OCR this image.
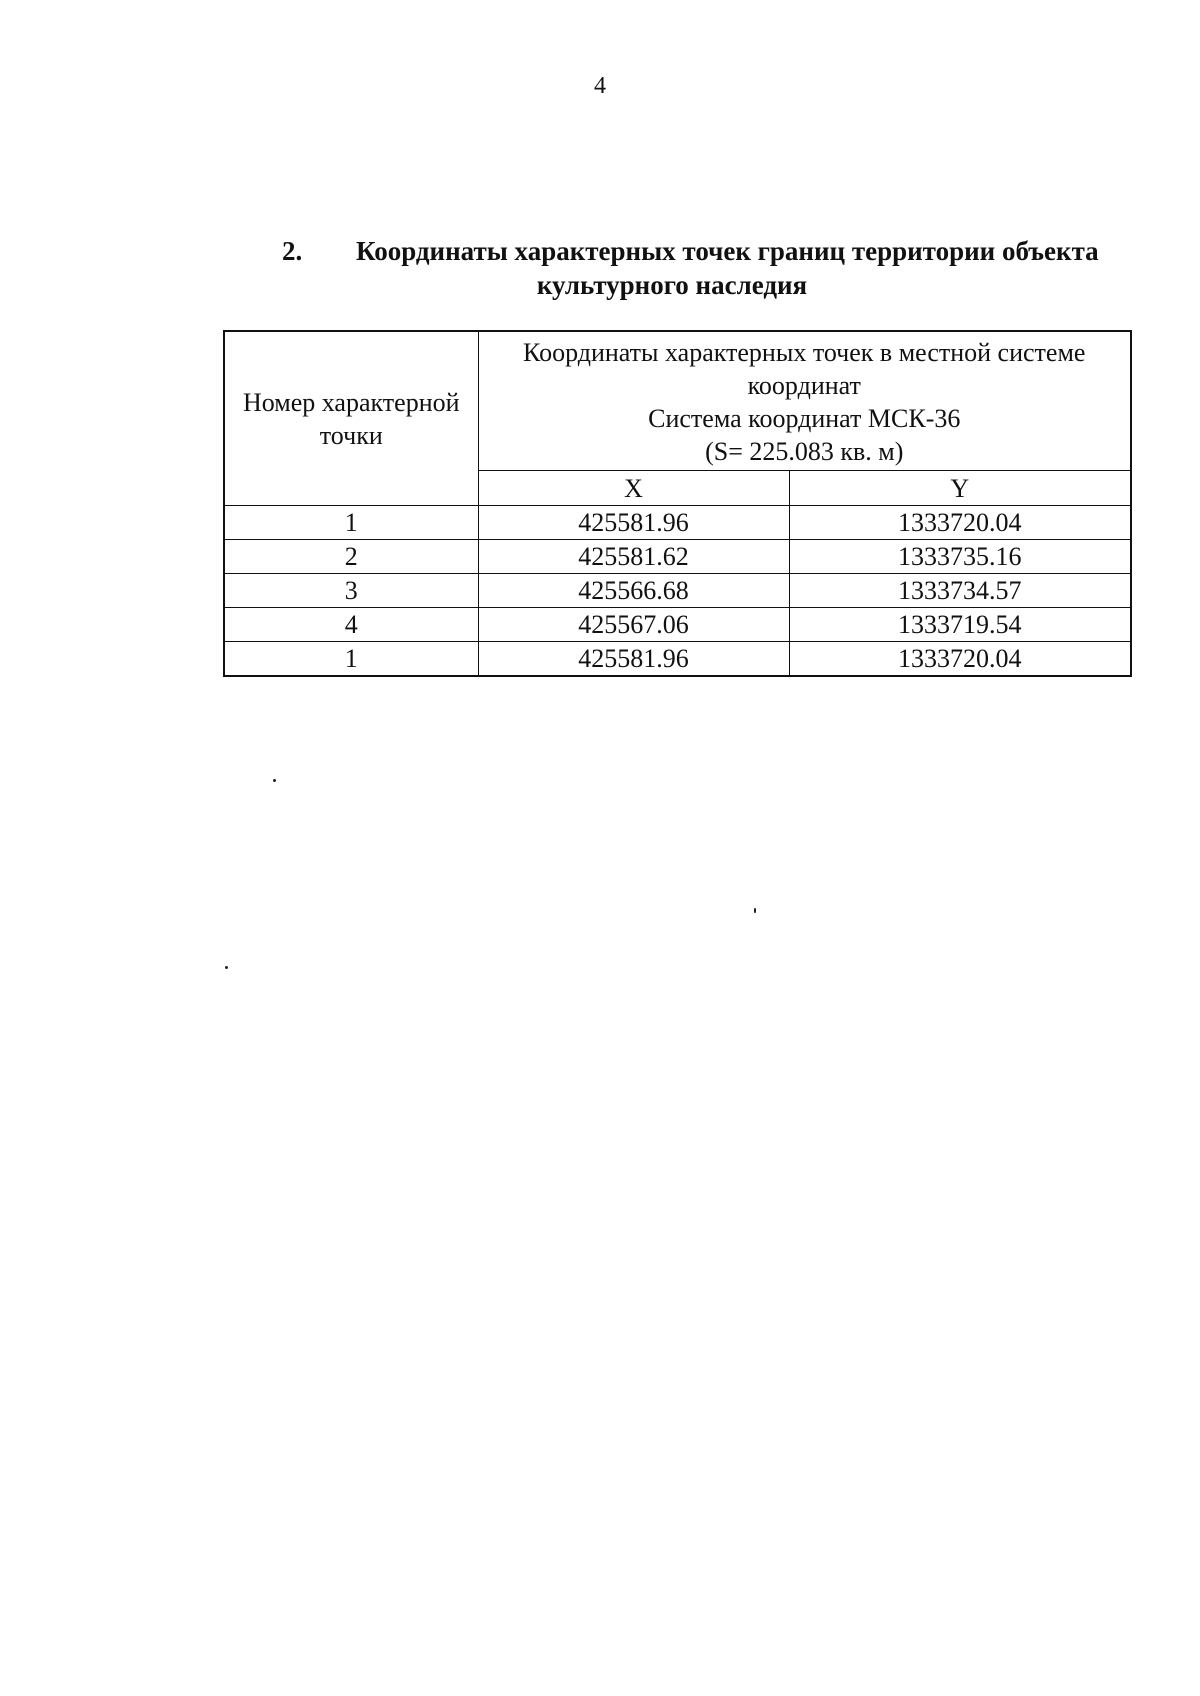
4
2.	Координаты характерных точек границ территории объекта
культурного наследия
Номер характерной точки	Координаты характерных точек в местной системе координат
Система координат МСК-36
(S= 225.083 кв. м)	

	X	Y
1	425581.96	1333720.04
2	425581.62	1333735.16
3	425566.68	1333734.57
4	425567.06	1333719.54
1	425581.96	1333720.04
